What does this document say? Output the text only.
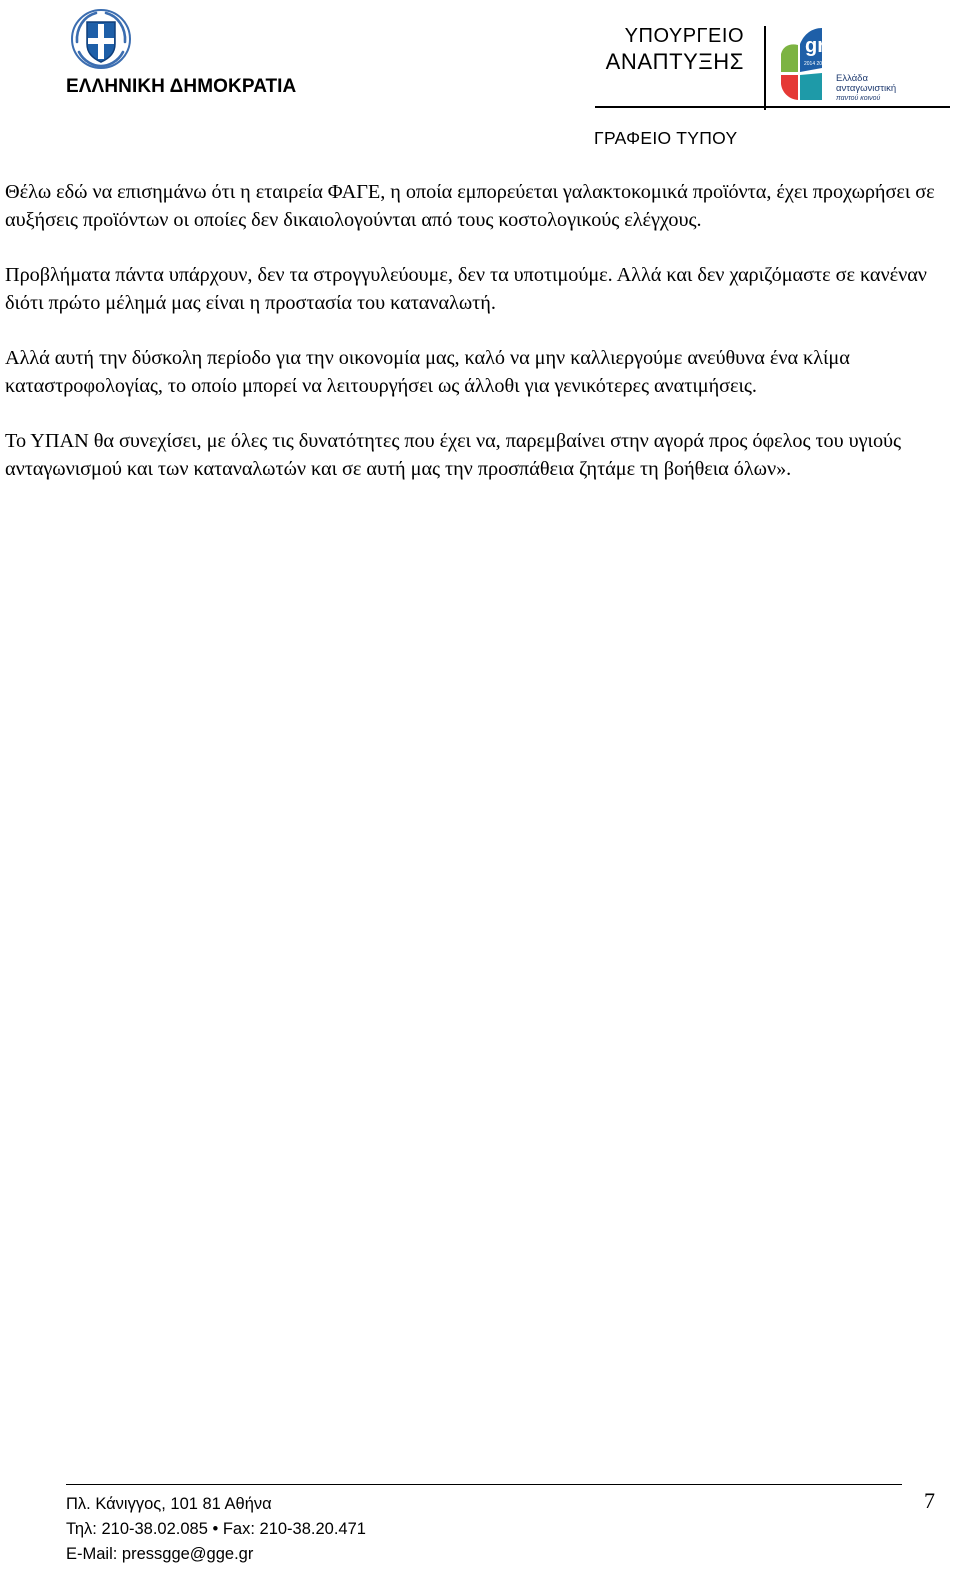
ΕΛΛΗΝΙΚΗ ΔΗΜΟΚΡΑΤΙΑ
ΥΠΟΥΡΓΕΙΟ
ΑΝΑΠΤΥΞΗΣ
gr
2014 2020
Ελλάδα
ανταγωνιστική
παντού κοινού
ΓΡΑΦΕΙΟ ΤΥΠΟΥ

Θέλω εδώ να επισημάνω ότι η εταιρεία ΦΑΓΕ, η οποία εμπορεύεται γαλακτοκομικά προϊόντα, έχει προχωρήσει σε αυξήσεις προϊόντων οι οποίες δεν δικαιολογούνται από τους κοστολογικούς ελέγχους.

Προβλήματα πάντα υπάρχουν, δεν τα στρογγυλεύουμε, δεν τα υποτιμούμε. Αλλά και δεν χαριζόμαστε σε κανέναν διότι πρώτο μέλημά μας είναι η προστασία του καταναλωτή.

Αλλά αυτή την δύσκολη περίοδο για την οικονομία μας, καλό να μην καλλιεργούμε ανεύθυνα ένα κλίμα καταστροφολογίας, το οποίο μπορεί να λειτουργήσει ως άλλοθι για γενικότερες ανατιμήσεις.

Το ΥΠΑΝ θα συνεχίσει, με όλες τις δυνατότητες που έχει να, παρεμβαίνει στην αγορά προς όφελος του υγιούς ανταγωνισμού και των καταναλωτών και σε αυτή μας την προσπάθεια ζητάμε τη βοήθεια όλων».

7
Πλ. Κάνιγγος, 101 81 Αθήνα
Τηλ: 210-38.02.085 • Fax: 210-38.20.471
E-Mail: pressgge@gge.gr
